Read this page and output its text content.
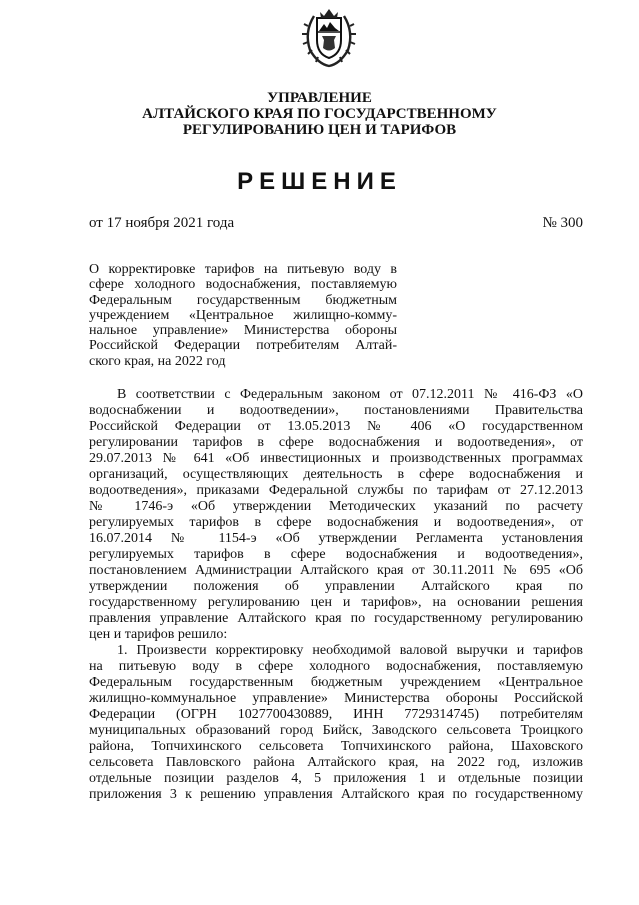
УПРАВЛЕНИЕ
АЛТАЙСКОГО КРАЯ ПО ГОСУДАРСТВЕННОМУ
РЕГУЛИРОВАНИЮ ЦЕН И ТАРИФОВ
РЕШЕНИЕ
от 17 ноября 2021 года	№ 300
О корректировке тарифов на питьевую воду в
сфере холодного водоснабжения, поставляемую
Федеральным государственным бюджетным
учреждением «Центральное жилищно-комму-
нальное управление» Министерства обороны
Российской Федерации потребителям Алтай-
ского края, на 2022 год
В соответствии с Федеральным законом от 07.12.2011 № 416-ФЗ «О
водоснабжении и водоотведении», постановлениями Правительства
Российской Федерации от 13.05.2013 № 406 «О государственном
регулировании тарифов в сфере водоснабжения и водоотведения», от
29.07.2013 № 641 «Об инвестиционных и производственных программах
организаций, осуществляющих деятельность в сфере водоснабжения и
водоотведения», приказами Федеральной службы по тарифам от 27.12.2013
№ 1746-э «Об утверждении Методических указаний по расчету
регулируемых тарифов в сфере водоснабжения и водоотведения», от
16.07.2014 № 1154-э «Об утверждении Регламента установления
регулируемых тарифов в сфере водоснабжения и водоотведения»,
постановлением Администрации Алтайского края от 30.11.2011 № 695 «Об
утверждении положения об управлении Алтайского края по
государственному регулированию цен и тарифов», на основании решения
правления управление Алтайского края по государственному регулированию
цен и тарифов решило:
1. Произвести корректировку необходимой валовой выручки и тарифов
на питьевую воду в сфере холодного водоснабжения, поставляемую
Федеральным государственным бюджетным учреждением «Центральное
жилищно-коммунальное управление» Министерства обороны Российской
Федерации (ОГРН 1027700430889, ИНН 7729314745) потребителям
муниципальных образований город Бийск, Заводского сельсовета Троицкого
района, Топчихинского сельсовета Топчихинского района, Шаховского
сельсовета Павловского района Алтайского края, на 2022 год, изложив
отдельные позиции разделов 4, 5 приложения 1 и отдельные позиции
приложения 3 к решению управления Алтайского края по государственному
